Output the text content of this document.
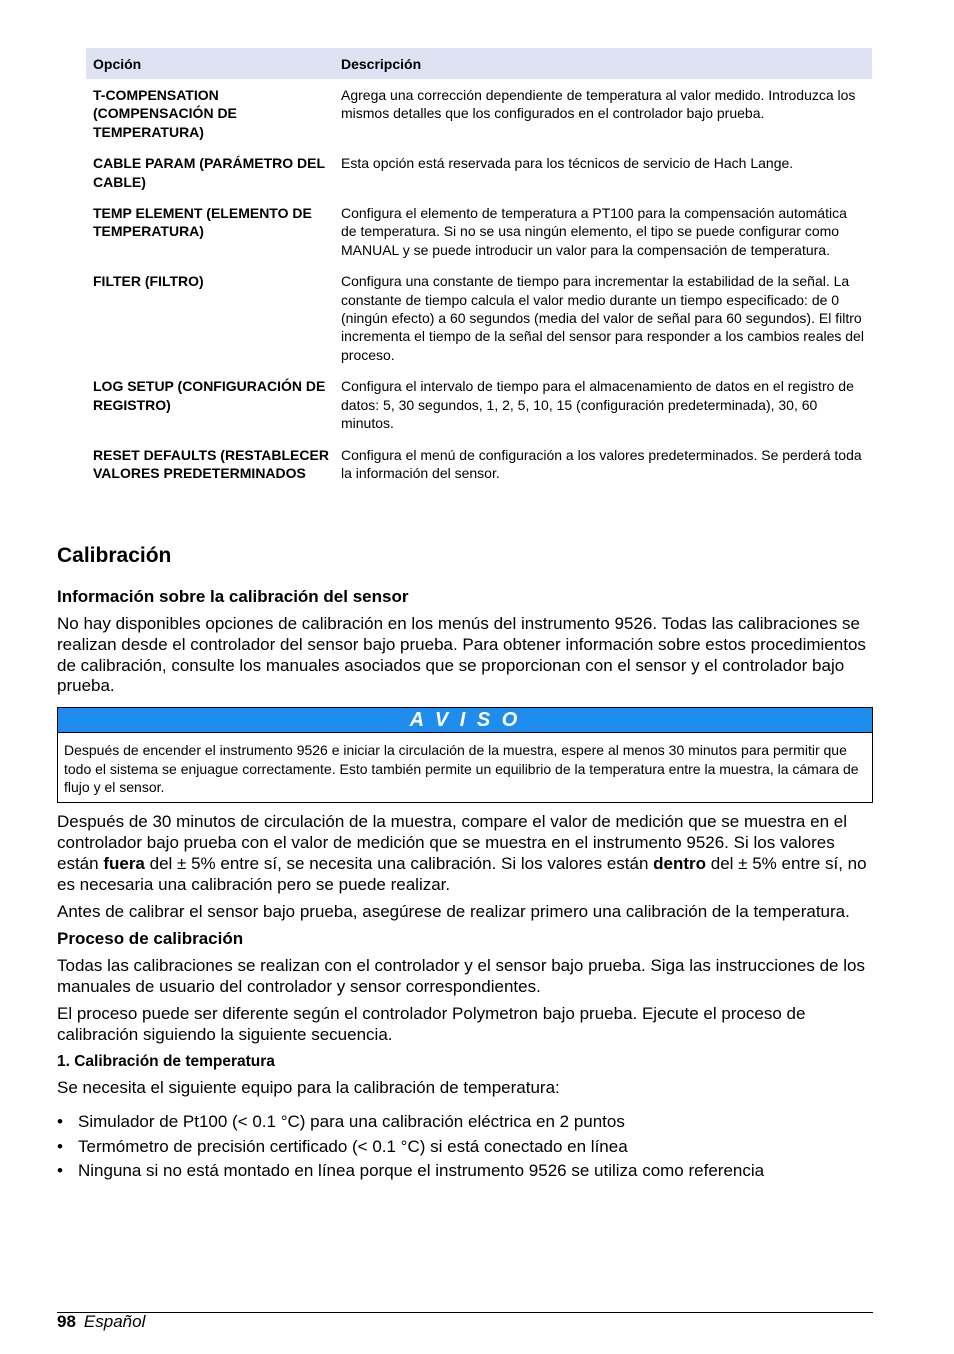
Opción	Descripción
T-COMPENSATION (COMPENSACIÓN DE TEMPERATURA)	Agrega una corrección dependiente de temperatura al valor medido. Introduzca los mismos detalles que los configurados en el controlador bajo prueba.
CABLE PARAM (PARÁMETRO DEL CABLE)	Esta opción está reservada para los técnicos de servicio de Hach Lange.
TEMP ELEMENT (ELEMENTO DE TEMPERATURA)	Configura el elemento de temperatura a PT100 para la compensación automática de temperatura. Si no se usa ningún elemento, el tipo se puede configurar como MANUAL y se puede introducir un valor para la compensación de temperatura.
FILTER (FILTRO)	Configura una constante de tiempo para incrementar la estabilidad de la señal. La constante de tiempo calcula el valor medio durante un tiempo especificado: de 0 (ningún efecto) a 60 segundos (media del valor de señal para 60 segundos). El filtro incrementa el tiempo de la señal del sensor para responder a los cambios reales del proceso.
LOG SETUP (CONFIGURACIÓN DE REGISTRO)	Configura el intervalo de tiempo para el almacenamiento de datos en el registro de datos: 5, 30 segundos, 1, 2, 5, 10, 15 (configuración predeterminada), 30, 60 minutos.
RESET DEFAULTS (RESTABLECER VALORES PREDETERMINADOS	Configura el menú de configuración a los valores predeterminados. Se perderá toda la información del sensor.
Calibración
Información sobre la calibración del sensor

No hay disponibles opciones de calibración en los menús del instrumento 9526. Todas las calibraciones se realizan desde el controlador del sensor bajo prueba. Para obtener información sobre estos procedimientos de calibración, consulte los manuales asociados que se proporcionan con el sensor y el controlador bajo prueba.

A V I S O
Después de encender el instrumento 9526 e iniciar la circulación de la muestra, espere al menos 30 minutos para permitir que todo el sistema se enjuague correctamente. Esto también permite un equilibrio de la temperatura entre la muestra, la cámara de flujo y el sensor.

Después de 30 minutos de circulación de la muestra, compare el valor de medición que se muestra en el controlador bajo prueba con el valor de medición que se muestra en el instrumento 9526. Si los valores están fuera del ± 5% entre sí, se necesita una calibración. Si los valores están dentro del ± 5% entre sí, no es necesaria una calibración pero se puede realizar.

Antes de calibrar el sensor bajo prueba, asegúrese de realizar primero una calibración de la temperatura.

Proceso de calibración

Todas las calibraciones se realizan con el controlador y el sensor bajo prueba. Siga las instrucciones de los manuales de usuario del controlador y sensor correspondientes.

El proceso puede ser diferente según el controlador Polymetron bajo prueba. Ejecute el proceso de calibración siguiendo la siguiente secuencia.

1. Calibración de temperatura

Se necesita el siguiente equipo para la calibración de temperatura:

• Simulador de Pt100 (< 0.1 °C) para una calibración eléctrica en 2 puntos
• Termómetro de precisión certificado (< 0.1 °C) si está conectado en línea
• Ninguna si no está montado en línea porque el instrumento 9526 se utiliza como referencia
98 Español
